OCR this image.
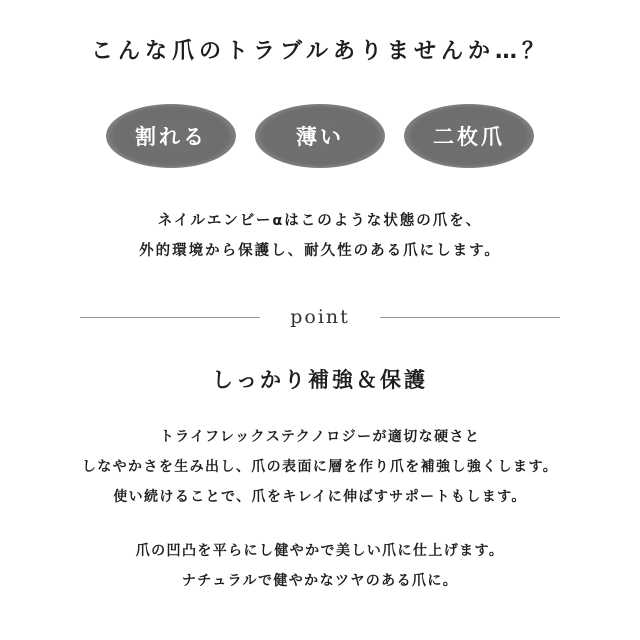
こんな爪のトラブルありませんか…？
割れる	薄い	二枚爪
ネイルエンビーαはこのような状態の爪を、
外的環境から保護し、耐久性のある爪にします。
point
しっかり補強＆保護
トライフレックステクノロジーが適切な硬さと
しなやかさを生み出し、爪の表面に層を作り爪を補強し強くします。
使い続けることで、爪をキレイに伸ばすサポートもします。
爪の凹凸を平らにし健やかで美しい爪に仕上げます。
ナチュラルで健やかなツヤのある爪に。
